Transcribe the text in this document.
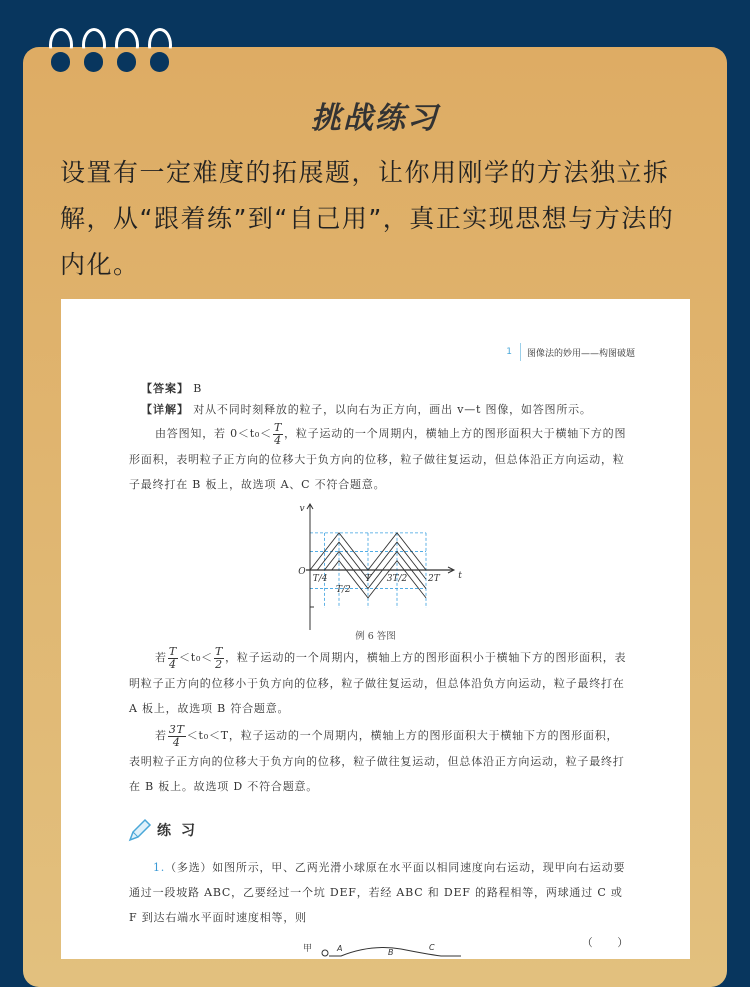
挑战练习
设置有一定难度的拓展题，让你用刚学的方法独立拆解，从“跟着练”到“自己用”，真正实现思想与方法的内化。
1 图像法的妙用——构图破题
【答案】 B
【详解】 对从不同时刻释放的粒子，以向右为正方向，画出 v—t 图像，如答图所示。
由答图知，若 $0<t_0< \frac{T}{4}$ ，粒子运动的一个周期内，横轴上方的图形面积大于横轴下方的图形面积，表明粒子正方向的位移大于负方向的位移，粒子做往复运动，但总体沿正方向运动，粒子最终打在 B 板上，故选项 A、C 不符合题意。
O
v
t
T/4
T/2
T 3T/2 2T
例 6 答图
若 $\frac{T}{4} <t_0< \frac{T}{2}$ ，粒子运动的一个周期内，横轴上方的图形面积小于横轴下方的图形面积，表明粒子正方向的位移小于负方向的位移，粒子做往复运动，但总体沿负方向运动，粒子最终打在 A 板上，故选项 B 符合题意。
若 $\frac{3T}{4} <t_0<T$，粒子运动的一个周期内，横轴上方的图形面积大于横轴下方的图形面积，表明粒子正方向的位移大于负方向的位移，粒子做往复运动，但总体沿正方向运动，粒子最终打在 B 板上。故选项 D 不符合题意。
练习
1.（多选）如图所示，甲、乙两光滑小球原在水平面以相同速度向右运动，现甲向右运动要通过一段坡路 ABC，乙要经过一个坑 DEF，若经 ABC 和 DEF 的路程相等，两球通过 C 或 F 到达右端水平面时速度相等，则
（　　）
甲	A	B
C
